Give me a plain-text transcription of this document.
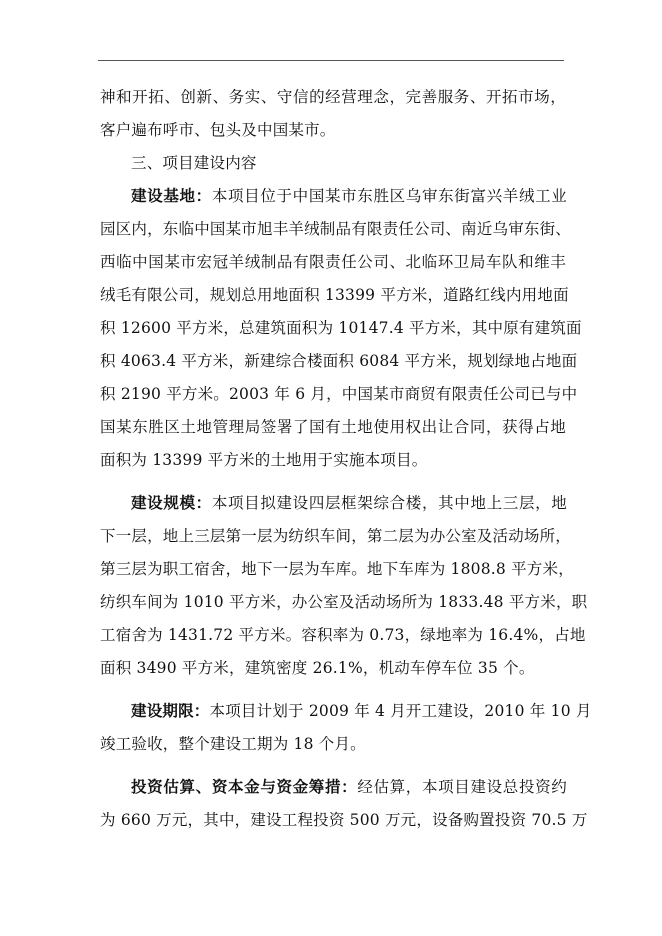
神和开拓、创新、务实、守信的经营理念，完善服务、开拓市场，
客户遍布呼市、包头及中国某市。
三、项目建设内容
建设基地：本项目位于中国某市东胜区乌审东街富兴羊绒工业
园区内，东临中国某市旭丰羊绒制品有限责任公司、南近乌审东街、
西临中国某市宏冠羊绒制品有限责任公司、北临环卫局车队和维丰
绒毛有限公司，规划总用地面积 13399 平方米，道路红线内用地面
积 12600 平方米，总建筑面积为 10147.4 平方米，其中原有建筑面
积 4063.4 平方米，新建综合楼面积 6084 平方米，规划绿地占地面
积 2190 平方米。2003 年 6 月，中国某市商贸有限责任公司已与中
国某东胜区土地管理局签署了国有土地使用权出让合同，获得占地
面积为 13399 平方米的土地用于实施本项目。
建设规模：本项目拟建设四层框架综合楼，其中地上三层，地
下一层，地上三层第一层为纺织车间，第二层为办公室及活动场所，
第三层为职工宿舍，地下一层为车库。地下车库为 1808.8 平方米，
纺织车间为 1010 平方米，办公室及活动场所为 1833.48 平方米，职
工宿舍为 1431.72 平方米。容积率为 0.73，绿地率为 16.4%，占地
面积 3490 平方米，建筑密度 26.1%，机动车停车位 35 个。
建设期限：本项目计划于 2009 年 4 月开工建设，2010 年 10 月
竣工验收，整个建设工期为 18 个月。
投资估算、资本金与资金筹措：经估算，本项目建设总投资约
为 660 万元，其中，建设工程投资 500 万元，设备购置投资 70.5 万
